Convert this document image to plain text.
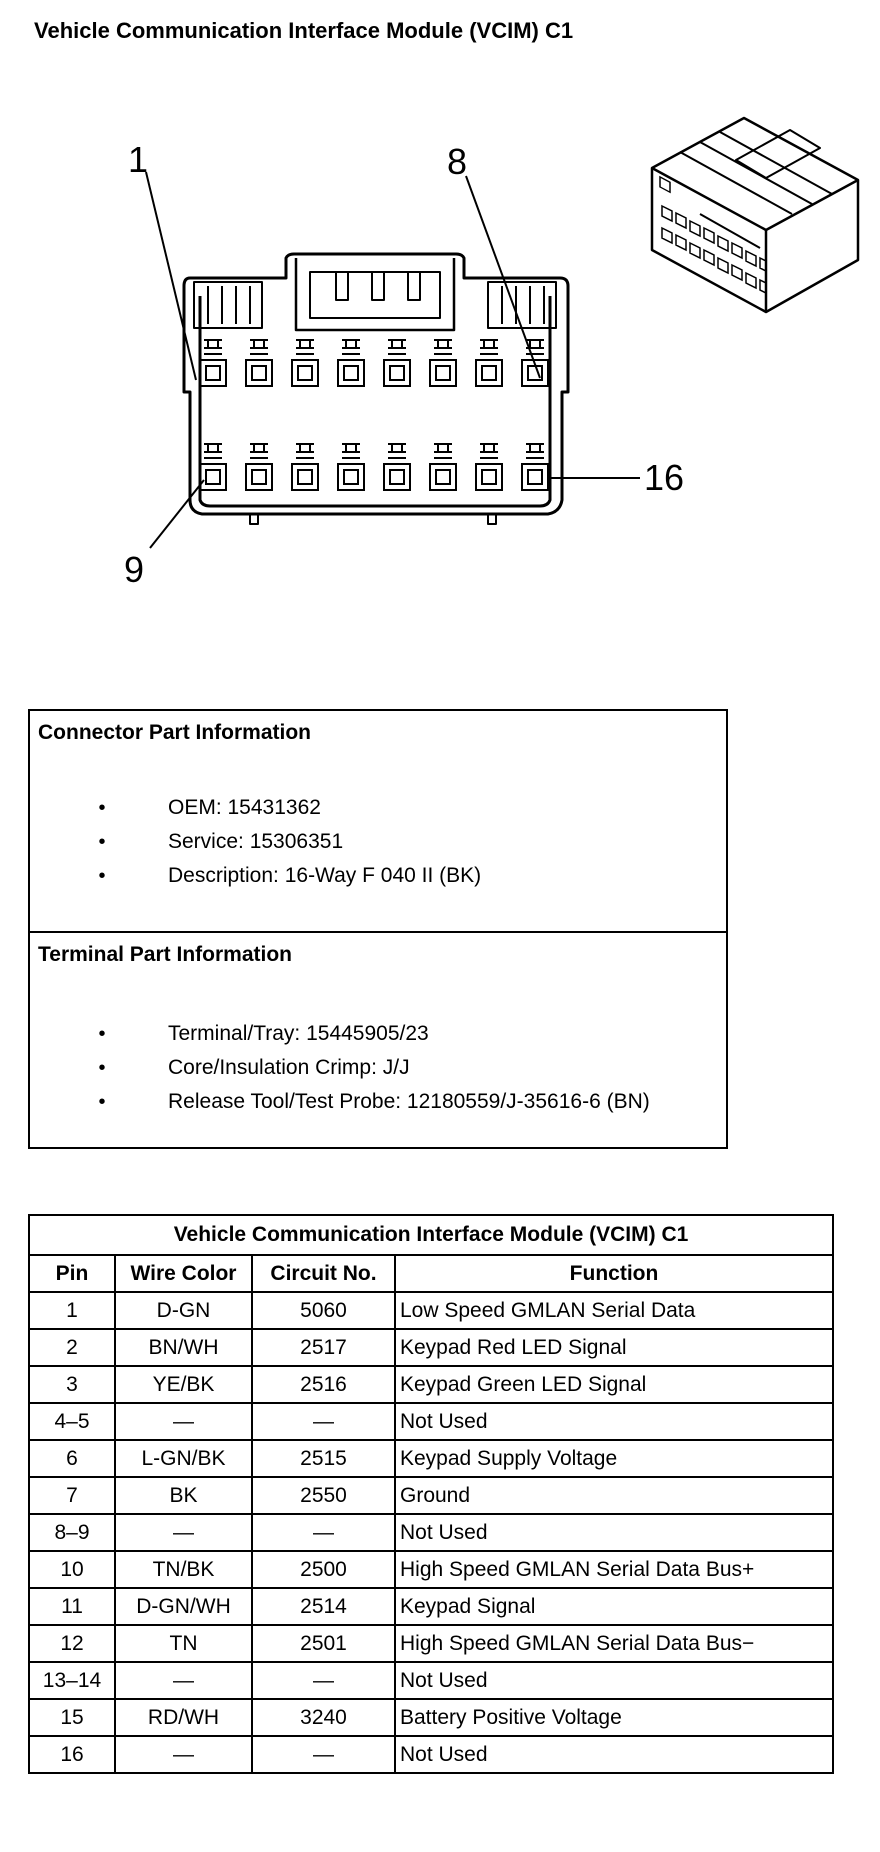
Vehicle Communication Interface Module (VCIM) C1
1	8
9
16
Connector Part Information
•	OEM: 15431362
•	Service: 15306351
•	Description: 16-Way F 040 II (BK)
Terminal Part Information
•	Terminal/Tray: 15445905/23
•	Core/Insulation Crimp: J/J
•	Release Tool/Test Probe: 12180559/J-35616-6 (BN)
Vehicle Communication Interface Module (VCIM) C1			
Pin	Wire Color	Circuit No.	Function
1	D-GN	5060	Low Speed GMLAN Serial Data
2	BN/WH	2517	Keypad Red LED Signal
3	YE/BK	2516	Keypad Green LED Signal
4–5	—	—	Not Used
6	L-GN/BK	2515	Keypad Supply Voltage
7	BK	2550	Ground
8–9	—	—	Not Used
10	TN/BK	2500	High Speed GMLAN Serial Data Bus+
11	D-GN/WH	2514	Keypad Signal
12	TN	2501	High Speed GMLAN Serial Data Bus−
13–14	—	—	Not Used
15	RD/WH	3240	Battery Positive Voltage
16	—	—	Not Used
